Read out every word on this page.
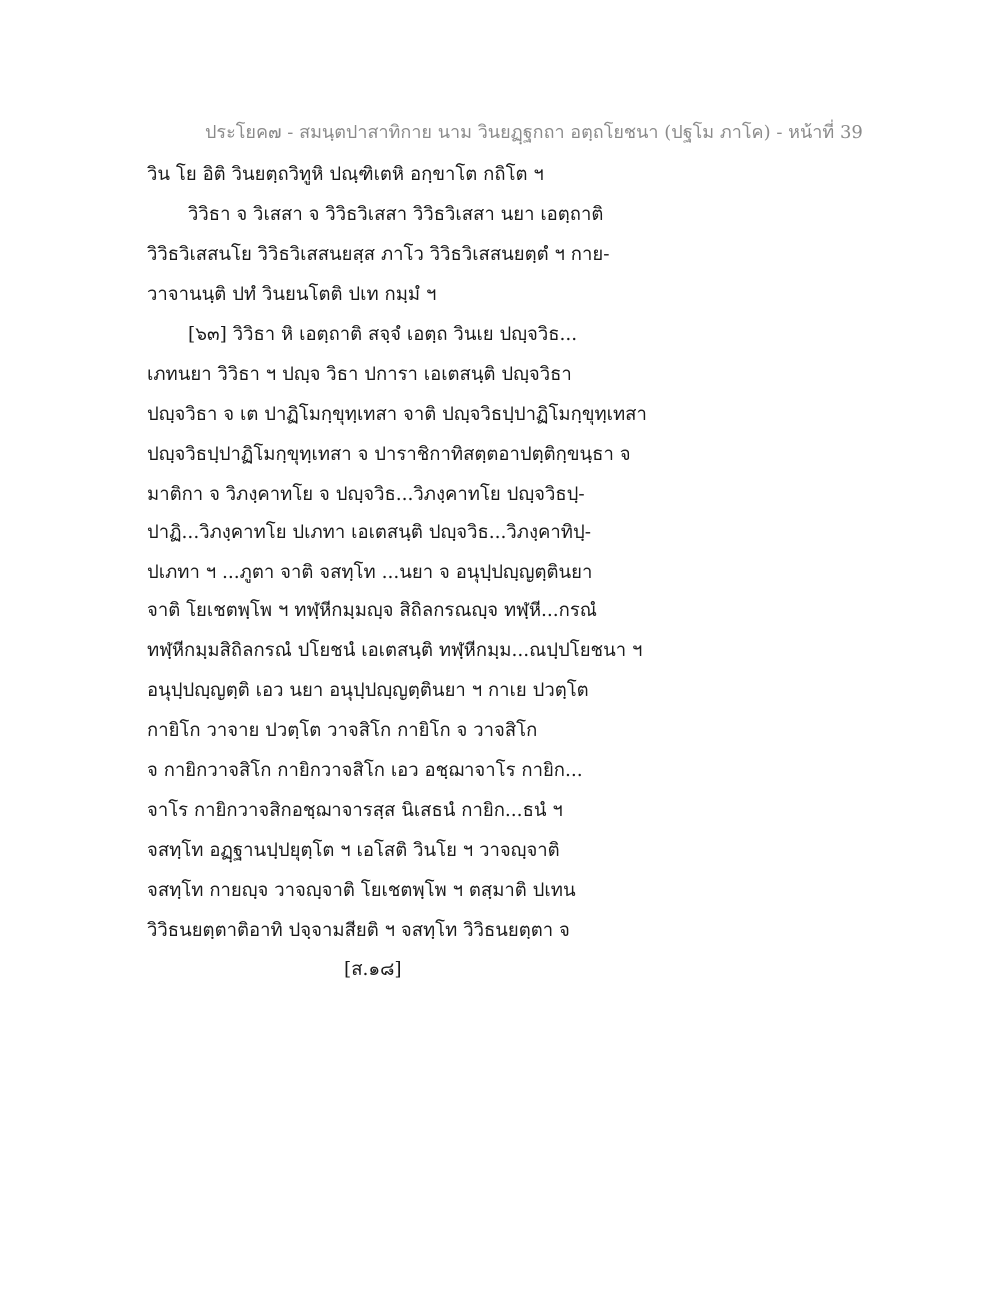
ประโยค๗ - สมนฺตปาสาทิกาย นาม วินยฏฺฐกถา อตฺถโยชนา (ปฐโม ภาโค) - หน้าที่ 39
วิน โย อิติ วินยตฺถวิทูหิ ปณฺฑิเตหิ อกฺขาโต กถิโต ฯ
วิวิธา จ วิเสสา จ วิวิธวิเสสา วิวิธวิเสสา นยา เอตฺถาติ
วิวิธวิเสสนโย วิวิธวิเสสนยสฺส ภาโว วิวิธวิเสสนยตฺตํ ฯ กาย-
วาจานนฺติ ปทํ วินยนโตติ ปเท กมฺมํ ฯ
[๖๓] วิวิธา หิ เอตฺถาติ สจฺจํ เอตฺถ วินเย ปญฺจวิธ...
เภทนยา วิวิธา ฯ ปญฺจ วิธา ปการา เอเตสนฺติ ปญฺจวิธา
ปญฺจวิธา จ เต ปาฏิโมกฺขุทฺเทสา จาติ ปญฺจวิธปฺปาฏิโมกฺขุทฺเทสา
ปญฺจวิธปฺปาฏิโมกฺขุทฺเทสา จ ปาราชิกาทิสตฺตอาปตฺติกฺขนฺธา จ
มาติกา จ วิภงฺคาทโย จ ปญฺจวิธ...วิภงฺคาทโย ปญฺจวิธปฺ-
ปาฏิ...วิภงฺคาทโย ปเภทา เอเตสนฺติ ปญฺจวิธ...วิภงฺคาทิปฺ-
ปเภทา ฯ ...ภูตา จาติ จสทฺโท ...นยา จ อนุปฺปญฺญตฺตินยา
จาติ โยเชตพฺโพ ฯ ทฬฺหีกมฺมญฺจ สิถิลกรณญฺจ ทฬฺหี...กรณํ
ทฬฺหีกมฺมสิถิลกรณํ ปโยชนํ เอเตสนฺติ ทฬฺหีกมฺม...ณปฺปโยชนา ฯ
อนุปฺปญฺญตฺติ เอว นยา อนุปฺปญฺญตฺตินยา ฯ กาเย ปวตฺโต
กายิโก วาจาย ปวตฺโต วาจสิโก กายิโก จ วาจสิโก
จ กายิกวาจสิโก กายิกวาจสิโก เอว อชฺฌาจาโร กายิก...
จาโร กายิกวาจสิกอชฺฌาจารสฺส นิเสธนํ กายิก...ธนํ ฯ
จสทฺโท อฏฺฐานปฺปยุตฺโต ฯ เอโสติ วินโย ฯ วาจญฺจาติ
จสทฺโท กายญฺจ วาจญฺจาติ โยเชตพฺโพ ฯ ตสฺมาติ ปเทน
วิวิธนยตฺตาติอาทิ ปจฺจามสียติ ฯ จสทฺโท วิวิธนยตฺตา จ
[ส.๑๘]
